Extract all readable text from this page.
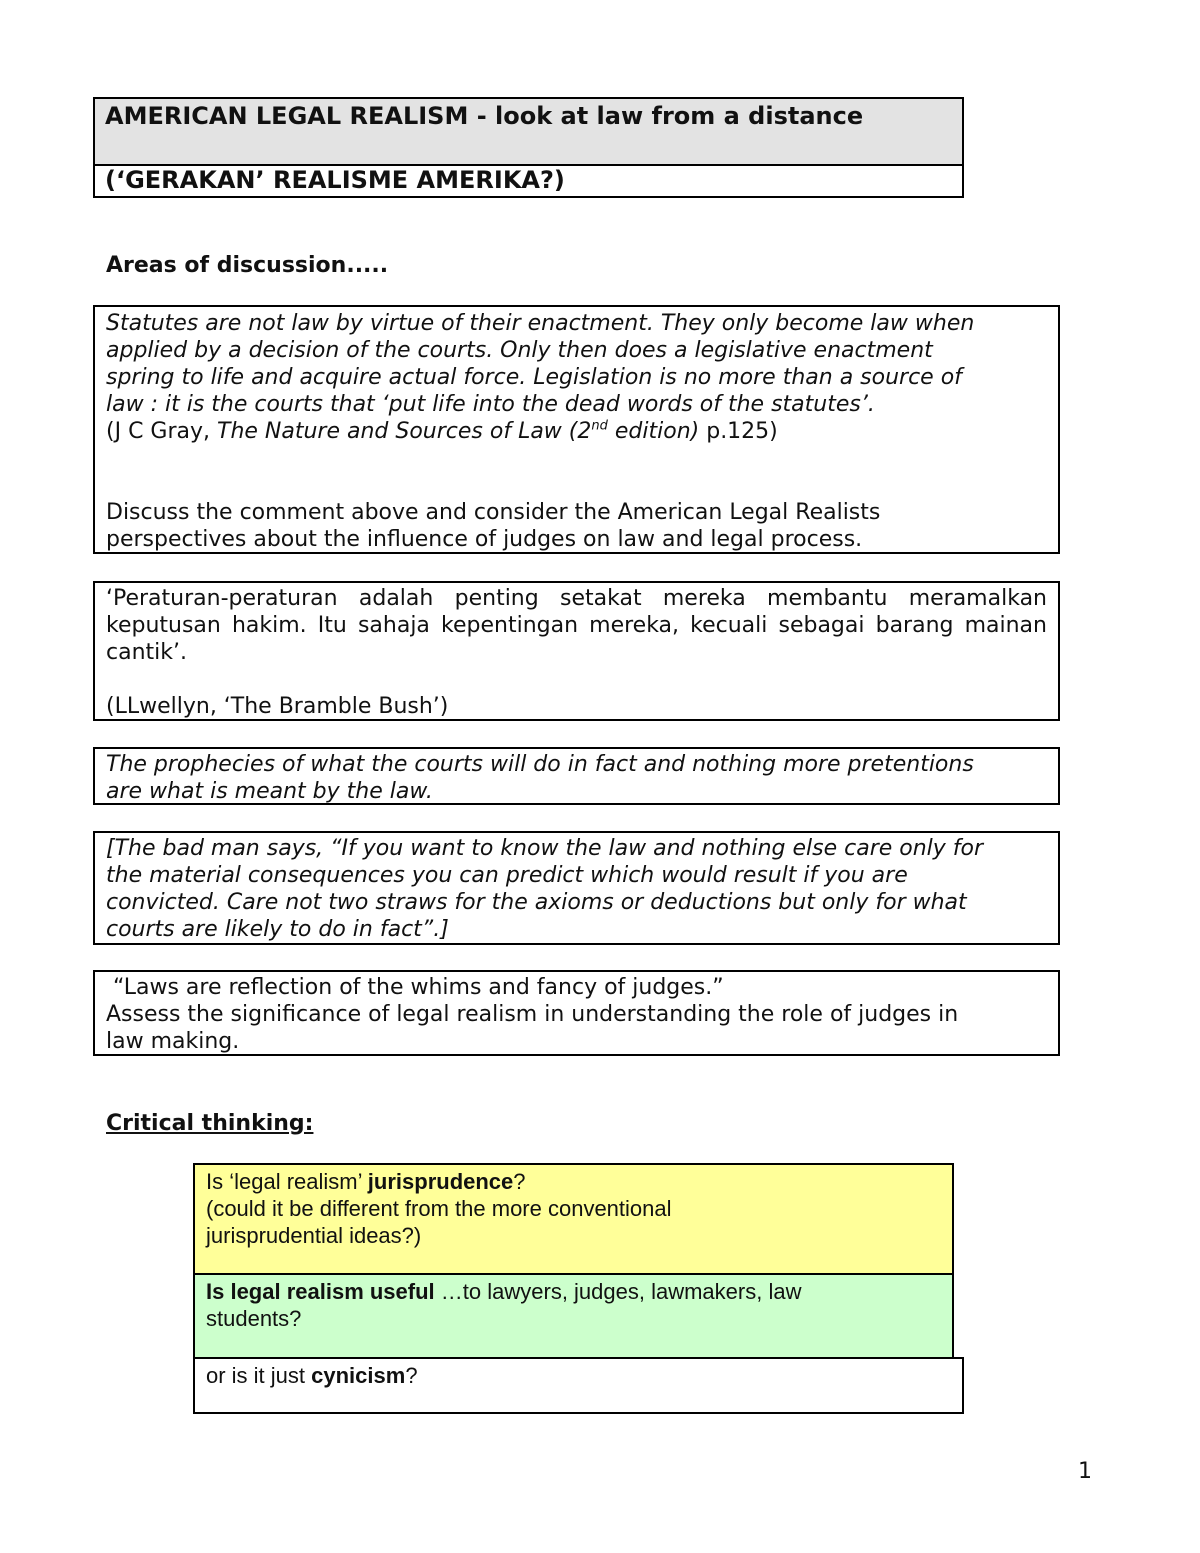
AMERICAN LEGAL REALISM - look at law from a distance
(‘GERAKAN’ REALISME AMERIKA?)
Areas of discussion.....

Statutes are not law by virtue of their enactment. They only become law when

applied by a decision of the courts. Only then does a legislative enactment

spring to life and acquire actual force. Legislation is no more than a source of

law : it is the courts that ‘put life into the dead words of the statutes’.

(J C Gray, The Nature and Sources of Law (2nd edition) p.125)

Discuss the comment above and consider the American Legal Realists

perspectives about the influence of judges on law and legal process.

‘Peraturan-peraturan adalah penting setakat mereka membantu meramalkan keputusan hakim. Itu sahaja kepentingan mereka, kecuali sebagai barang mainan cantik’.

(LLwellyn, ‘The Bramble Bush’)

The prophecies of what the courts will do in fact and nothing more pretentions

are what is meant by the law.

[The bad man says, “If you want to know the law and nothing else care only for

the material consequences you can predict which would result if you are

convicted. Care not two straws for the axioms or deductions but only for what

courts are likely to do in fact”.]

“Laws are reflection of the whims and fancy of judges.”

Assess the significance of legal realism in understanding the role of judges in

law making.

Critical thinking:

Is ‘legal realism’ jurisprudence?

(could it be different from the more conventional

jurisprudential ideas?)

Is legal realism useful …to lawyers, judges, lawmakers, law

students?

or is it just cynicism?

1
